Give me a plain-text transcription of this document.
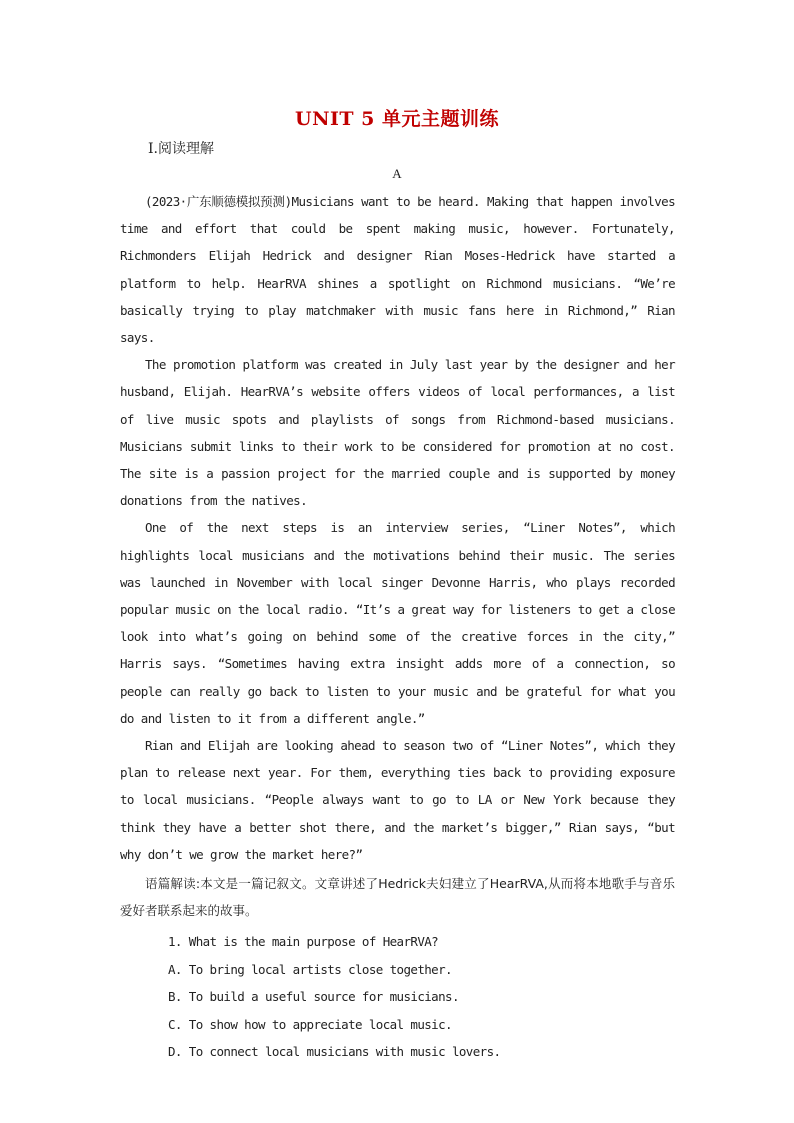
UNIT 5 单元主题训练
Ⅰ.阅读理解
A

(2023·广东顺德模拟预测)Musicians want to be heard. Making that happen involves time and effort that could be spent making music, however. Fortunately, Richmonders Elijah Hedrick and designer Rian Moses-Hedrick have started a platform to help. HearRVA shines a spotlight on Richmond musicians. “We’re basically trying to play matchmaker with music fans here in Richmond,” Rian says.

The promotion platform was created in July last year by the designer and her husband, Elijah. HearRVA’s website offers videos of local performances, a list of live music spots and playlists of songs from Richmond-based musicians. Musicians submit links to their work to be considered for promotion at no cost. The site is a passion project for the married couple and is supported by money donations from the natives.

One of the next steps is an interview series, “Liner Notes”, which highlights local musicians and the motivations behind their music. The series was launched in November with local singer Devonne Harris, who plays recorded popular music on the local radio. “It’s a great way for listeners to get a close look into what’s going on behind some of the creative forces in the city,” Harris says. “Sometimes having extra insight adds more of a connection, so people can really go back to listen to your music and be grateful for what you do and listen to it from a different angle.”

Rian and Elijah are looking ahead to season two of “Liner Notes”, which they plan to release next year. For them, everything ties back to providing exposure to local musicians. “People always want to go to LA or New York because they think they have a better shot there, and the market’s bigger,” Rian says, “but why don’t we grow the market here?”

语篇解读:本文是一篇记叙文。文章讲述了Hedrick夫妇建立了HearRVA,从而将本地歌手与音乐爱好者联系起来的故事。

1. What is the main purpose of HearRVA?
A. To bring local artists close together.
B. To build a useful source for musicians.
C. To show how to appreciate local music.
D. To connect local musicians with music lovers.
